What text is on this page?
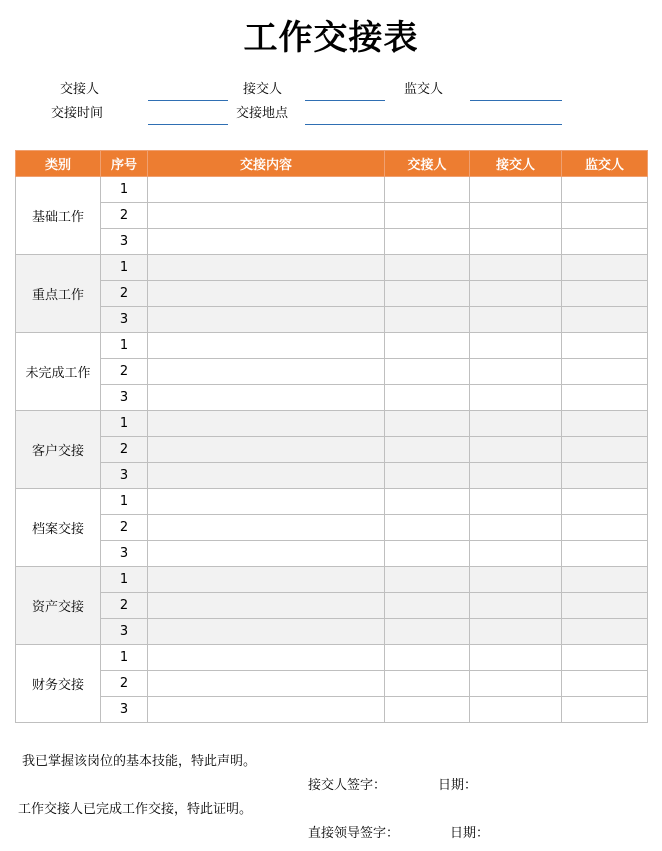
工作交接表
交接人	接交人	监交人
交接时间	交接地点
类别	序号	交接内容	交接人	接交人	监交人
基础工作	1				
	2				
	3				
重点工作	1				
	2				
	3				
未完成工作	1				
	2				
	3				
客户交接	1				
	2				
	3				
档案交接	1				
	2				
	3				
资产交接	1				
	2				
	3				
财务交接	1				
	2				
	3				
我已掌握该岗位的基本技能，特此声明。
接交人签字：	日期：
工作交接人已完成工作交接，特此证明。
直接领导签字：	日期：
